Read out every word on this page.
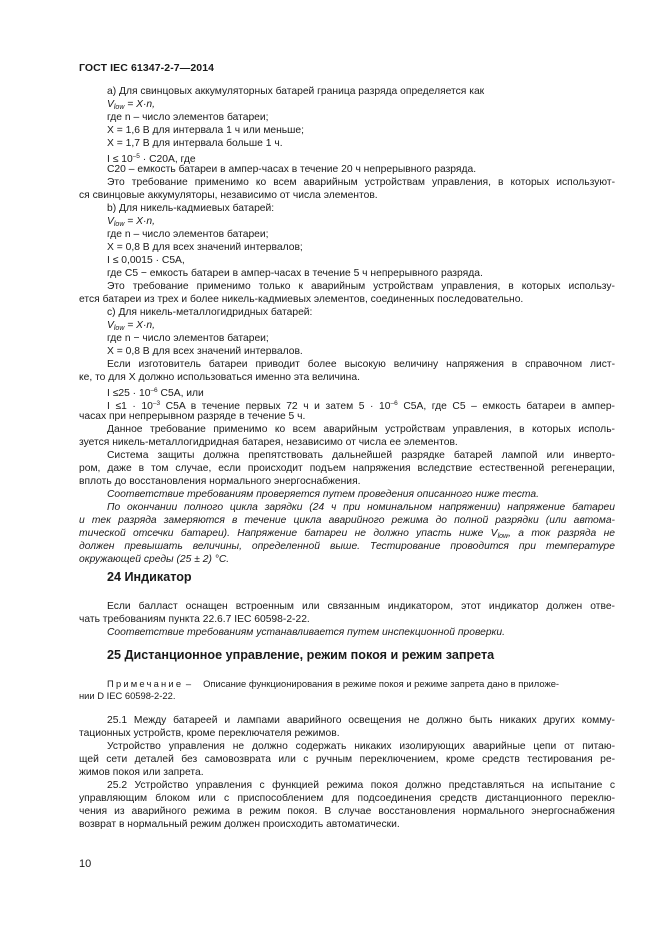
ГОСТ IEC 61347-2-7—2014
а) Для свинцовых аккумуляторных батарей граница разряда определяется как
$V_{low} = X\cdot n$,
где n – число элементов батареи;
X = 1,6 В для интервала 1 ч или меньше;
X = 1,7 В для интервала больше 1 ч.
$I \le 10^{-5} \cdot C20A$, где
C20 – емкость батареи в ампер-часах в течение 20 ч непрерывного разряда.
Это требование применимо ко всем аварийным устройствам управления, в которых используют-
ся свинцовые аккумуляторы, независимо от числа элементов.
b) Для никель-кадмиевых батарей:
$V_{low} = X\cdot n$,
где n – число элементов батареи;
X = 0,8 В для всех значений интервалов;
I ≤ 0,0015 · C5A,
где C5 − емкость батареи в ампер-часах в течение 5 ч непрерывного разряда.
Это требование применимо только к аварийным устройствам управления, в которых использу-
ется батареи из трех и более никель-кадмиевых элементов, соединенных последовательно.
c) Для никель-металлогидридных батарей:
$V_{low} = X\cdot n$,
где n − число элементов батареи;
X = 0,8 В для всех значений интервалов.
Если изготовитель батареи приводит более высокую величину напряжения в справочном лист-
ке, то для X должно использоваться именно эта величина.
$I \le 25 \cdot 10^{-6}$ C5A, или
$I \le 1 \cdot 10^{-3}$ C5A в течение первых 72 ч и затем $5 \cdot 10^{-6}$ C5A, где C5 – емкость батареи в ампер-
часах при непрерывном разряде в течение 5 ч.
Данное требование применимо ко всем аварийным устройствам управления, в которых исполь-
зуется никель-металлогидридная батарея, независимо от числа ее элементов.
Система защиты должна препятствовать дальнейшей разрядке батарей лампой или инверто-
ром, даже в том случае, если происходит подъем напряжения вследствие естественной регенерации,
вплоть до восстановления нормального энергоснабжения.
Соответствие требованиям проверяется путем проведения описанного ниже теста.
По окончании полного цикла зарядки (24 ч при номинальном напряжении) напряжение батареи
и тек разряда замеряются в течение цикла аварийного режима до полной разрядки (или автома-
тической отсечки батареи). Напряжение батареи не должно упасть ниже $V_{low}$, а ток разряда не
должен превышать величины, определенной выше. Тестирование проводится при температуре
окружающей среды (25 ± 2) °С.
24 Индикатор
Если балласт оснащен встроенным или связанным индикатором, этот индикатор должен отве-
чать требованиям пункта 22.6.7 IEC 60598-2-22.
Соответствие требованиям устанавливается путем инспекционной проверки.
25 Дистанционное управление, режим покоя и режим запрета
Примечание – Описание функционирования в режиме покоя и режиме запрета дано в приложе-
нии D IEC 60598-2-22.
25.1 Между батареей и лампами аварийного освещения не должно быть никаких других комму-
тационных устройств, кроме переключателя режимов.
Устройство управления не должно содержать никаких изолирующих аварийные цепи от питаю-
щей сети деталей без самовозврата или с ручным переключением, кроме средств тестирования ре-
жимов покоя или запрета.
25.2 Устройство управления с функцией режима покоя должно представляться на испытание с
управляющим блоком или с приспособлением для подсоединения средств дистанционного переклю-
чения из аварийного режима в режим покоя. В случае восстановления нормального энергоснабжения
возврат в нормальный режим должен происходить автоматически.
10
